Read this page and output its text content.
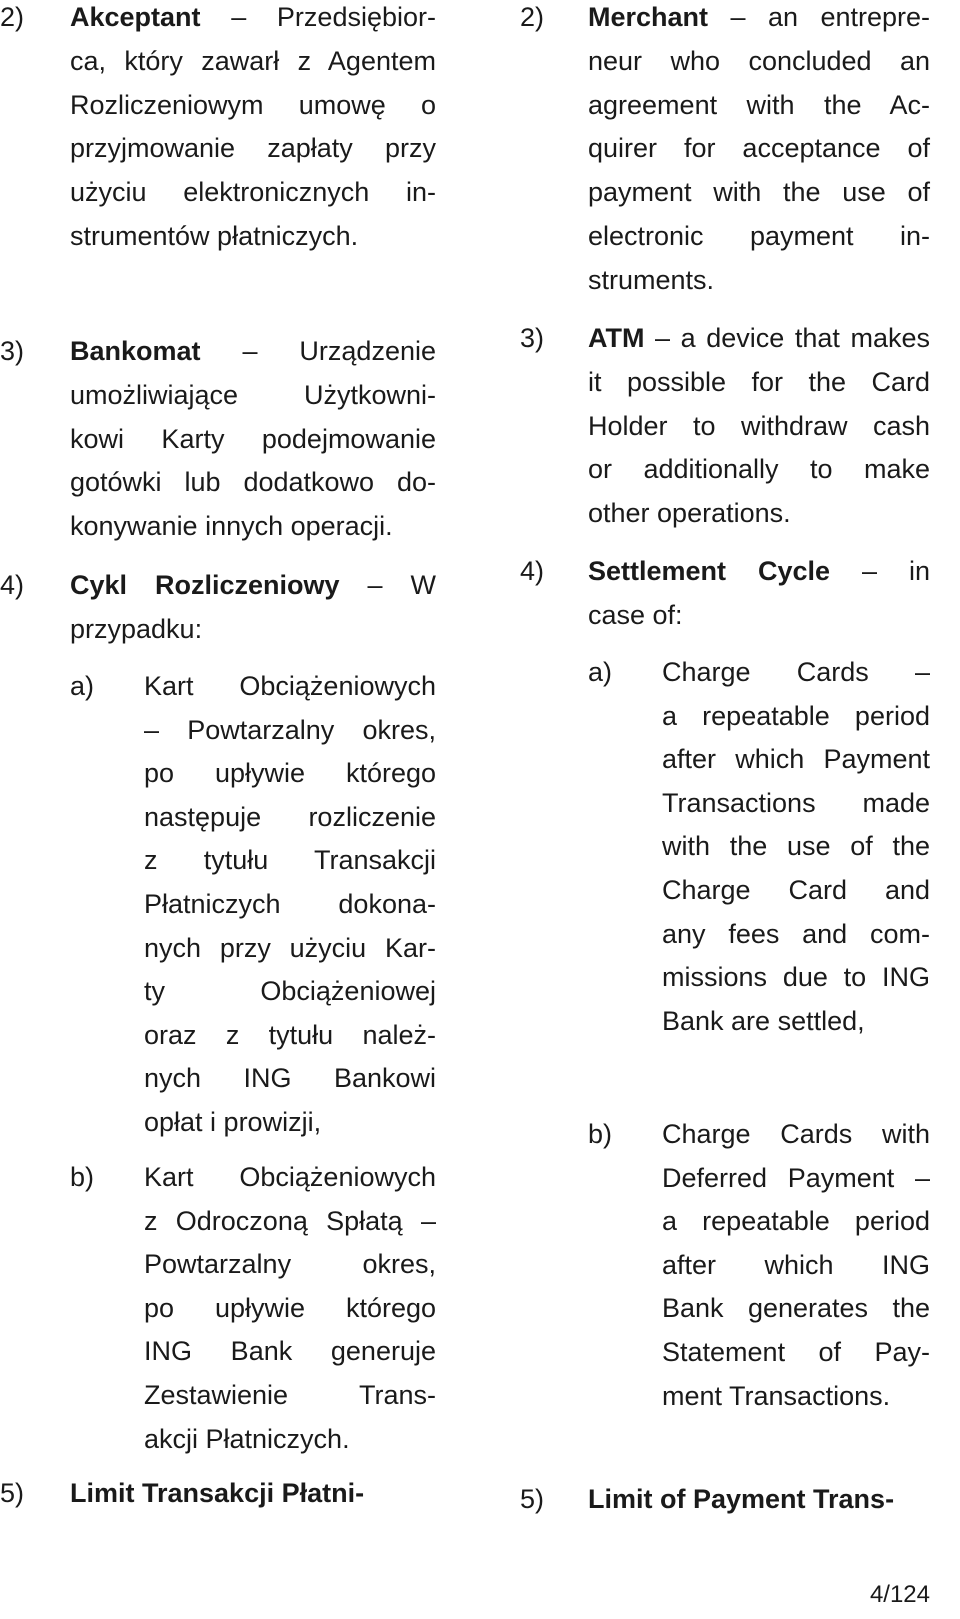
2) Akceptant – Przedsiębior-
ca, który zawarł z Agentem
Rozliczeniowym umowę o
przyjmowanie zapłaty przy
użyciu elektronicznych in-
strumentów płatniczych.
3) Bankomat – Urządzenie
umożliwiające Użytkowni-
kowi Karty podejmowanie
gotówki lub dodatkowo do-
konywanie innych operacji.
4) Cykl Rozliczeniowy – W
przypadku:
a) Kart Obciążeniowych
– Powtarzalny okres,
po upływie którego
następuje rozliczenie
z tytułu Transakcji
Płatniczych dokona-
nych przy użyciu Kar-
ty Obciążeniowej
oraz z tytułu należ-
nych ING Bankowi
opłat i prowizji,
b) Kart Obciążeniowych
z Odroczoną Spłatą –
Powtarzalny okres,
po upływie którego
ING Bank generuje
Zestawienie Trans-
akcji Płatniczych.
5) Limit Transakcji Płatni-
2) Merchant – an entrepre-
neur who concluded an
agreement with the Ac-
quirer for acceptance of
payment with the use of
electronic payment in-
struments.
3) ATM – a device that makes
it possible for the Card
Holder to withdraw cash
or additionally to make
other operations.
4) Settlement Cycle – in
case of:
a) Charge Cards –
a repeatable period
after which Payment
Transactions made
with the use of the
Charge Card and
any fees and com-
missions due to ING
Bank are settled,
b) Charge Cards with
Deferred Payment –
a repeatable period
after which ING
Bank generates the
Statement of Pay-
ment Transactions.
5) Limit of Payment Trans-
4/124
